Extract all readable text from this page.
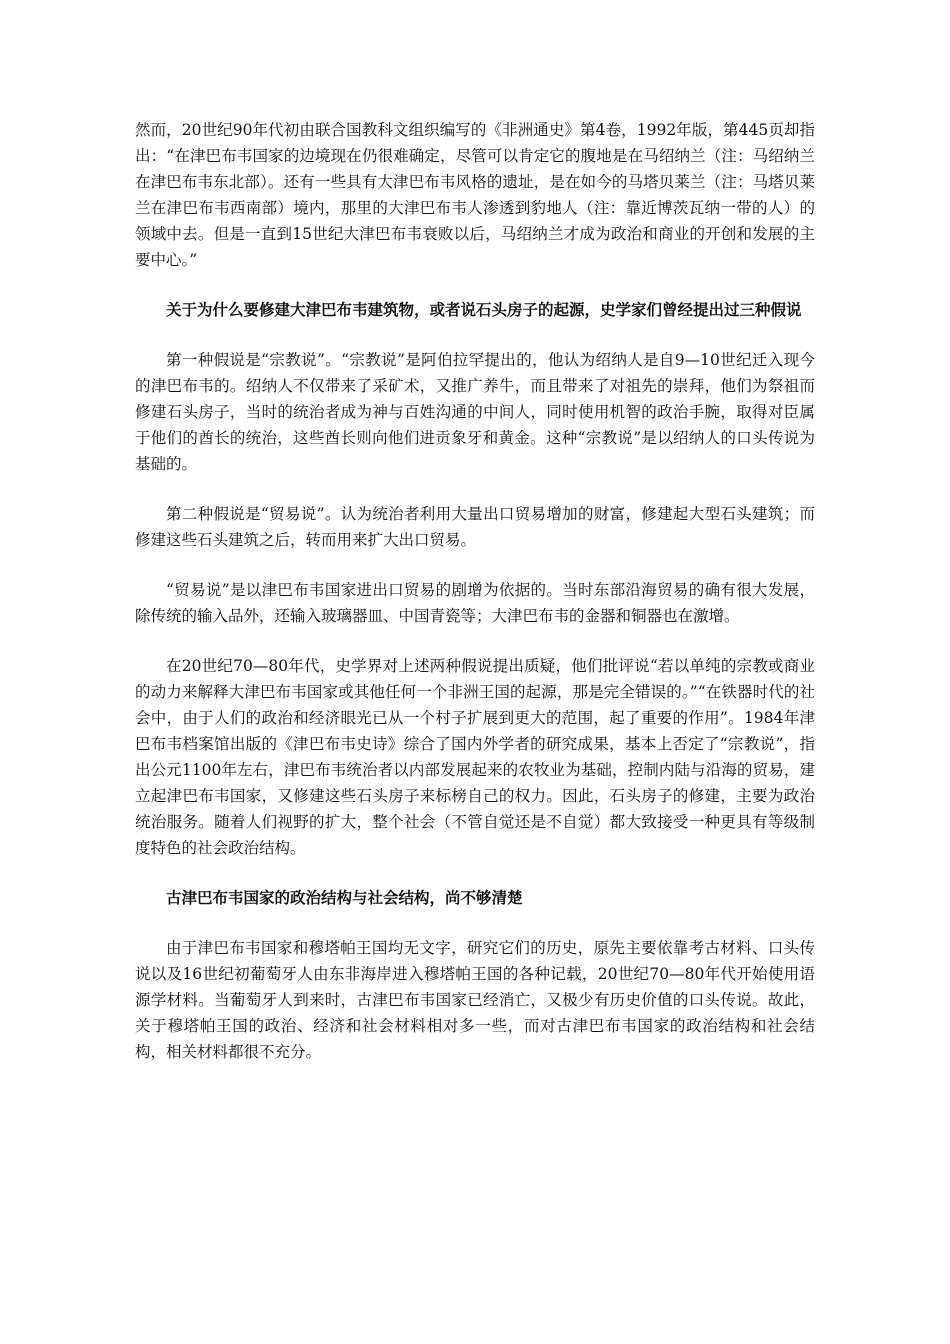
然而，20世纪90年代初由联合国教科文组织编写的《非洲通史》第4卷，1992年版，第445页却指出：“在津巴布韦国家的边境现在仍很难确定，尽管可以肯定它的腹地是在马绍纳兰（注：马绍纳兰在津巴布韦东北部）。还有一些具有大津巴布韦风格的遗址，是在如今的马塔贝莱兰（注：马塔贝莱兰在津巴布韦西南部）境内，那里的大津巴布韦人渗透到豹地人（注：靠近博茨瓦纳一带的人）的领域中去。但是一直到15世纪大津巴布韦衰败以后，马绍纳兰才成为政治和商业的开创和发展的主要中心。”

关于为什么要修建大津巴布韦建筑物，或者说石头房子的起源，史学家们曾经提出过三种假说

第一种假说是“宗教说”。“宗教说”是阿伯拉罕提出的，他认为绍纳人是自9—10世纪迁入现今的津巴布韦的。绍纳人不仅带来了采矿术，又推广养牛，而且带来了对祖先的崇拜，他们为祭祖而修建石头房子，当时的统治者成为神与百姓沟通的中间人，同时使用机智的政治手腕，取得对臣属于他们的酋长的统治，这些酋长则向他们进贡象牙和黄金。这种“宗教说”是以绍纳人的口头传说为基础的。

第二种假说是“贸易说”。认为统治者利用大量出口贸易增加的财富，修建起大型石头建筑；而修建这些石头建筑之后，转而用来扩大出口贸易。

“贸易说”是以津巴布韦国家进出口贸易的剧增为依据的。当时东部沿海贸易的确有很大发展，除传统的输入品外，还输入玻璃器皿、中国青瓷等；大津巴布韦的金器和铜器也在激增。

在20世纪70—80年代，史学界对上述两种假说提出质疑，他们批评说“若以单纯的宗教或商业的动力来解释大津巴布韦国家或其他任何一个非洲王国的起源，那是完全错误的。”“在铁器时代的社会中，由于人们的政治和经济眼光已从一个村子扩展到更大的范围，起了重要的作用”。1984年津巴布韦档案馆出版的《津巴布韦史诗》综合了国内外学者的研究成果，基本上否定了“宗教说”，指出公元1100年左右，津巴布韦统治者以内部发展起来的农牧业为基础，控制内陆与沿海的贸易，建立起津巴布韦国家，又修建这些石头房子来标榜自己的权力。因此，石头房子的修建，主要为政治统治服务。随着人们视野的扩大，整个社会（不管自觉还是不自觉）都大致接受一种更具有等级制度特色的社会政治结构。

古津巴布韦国家的政治结构与社会结构，尚不够清楚

由于津巴布韦国家和穆塔帕王国均无文字，研究它们的历史，原先主要依靠考古材料、口头传说以及16世纪初葡萄牙人由东非海岸进入穆塔帕王国的各种记载，20世纪70—80年代开始使用语源学材料。当葡萄牙人到来时，古津巴布韦国家已经消亡，又极少有历史价值的口头传说。故此，关于穆塔帕王国的政治、经济和社会材料相对多一些，而对古津巴布韦国家的政治结构和社会结构，相关材料都很不充分。
